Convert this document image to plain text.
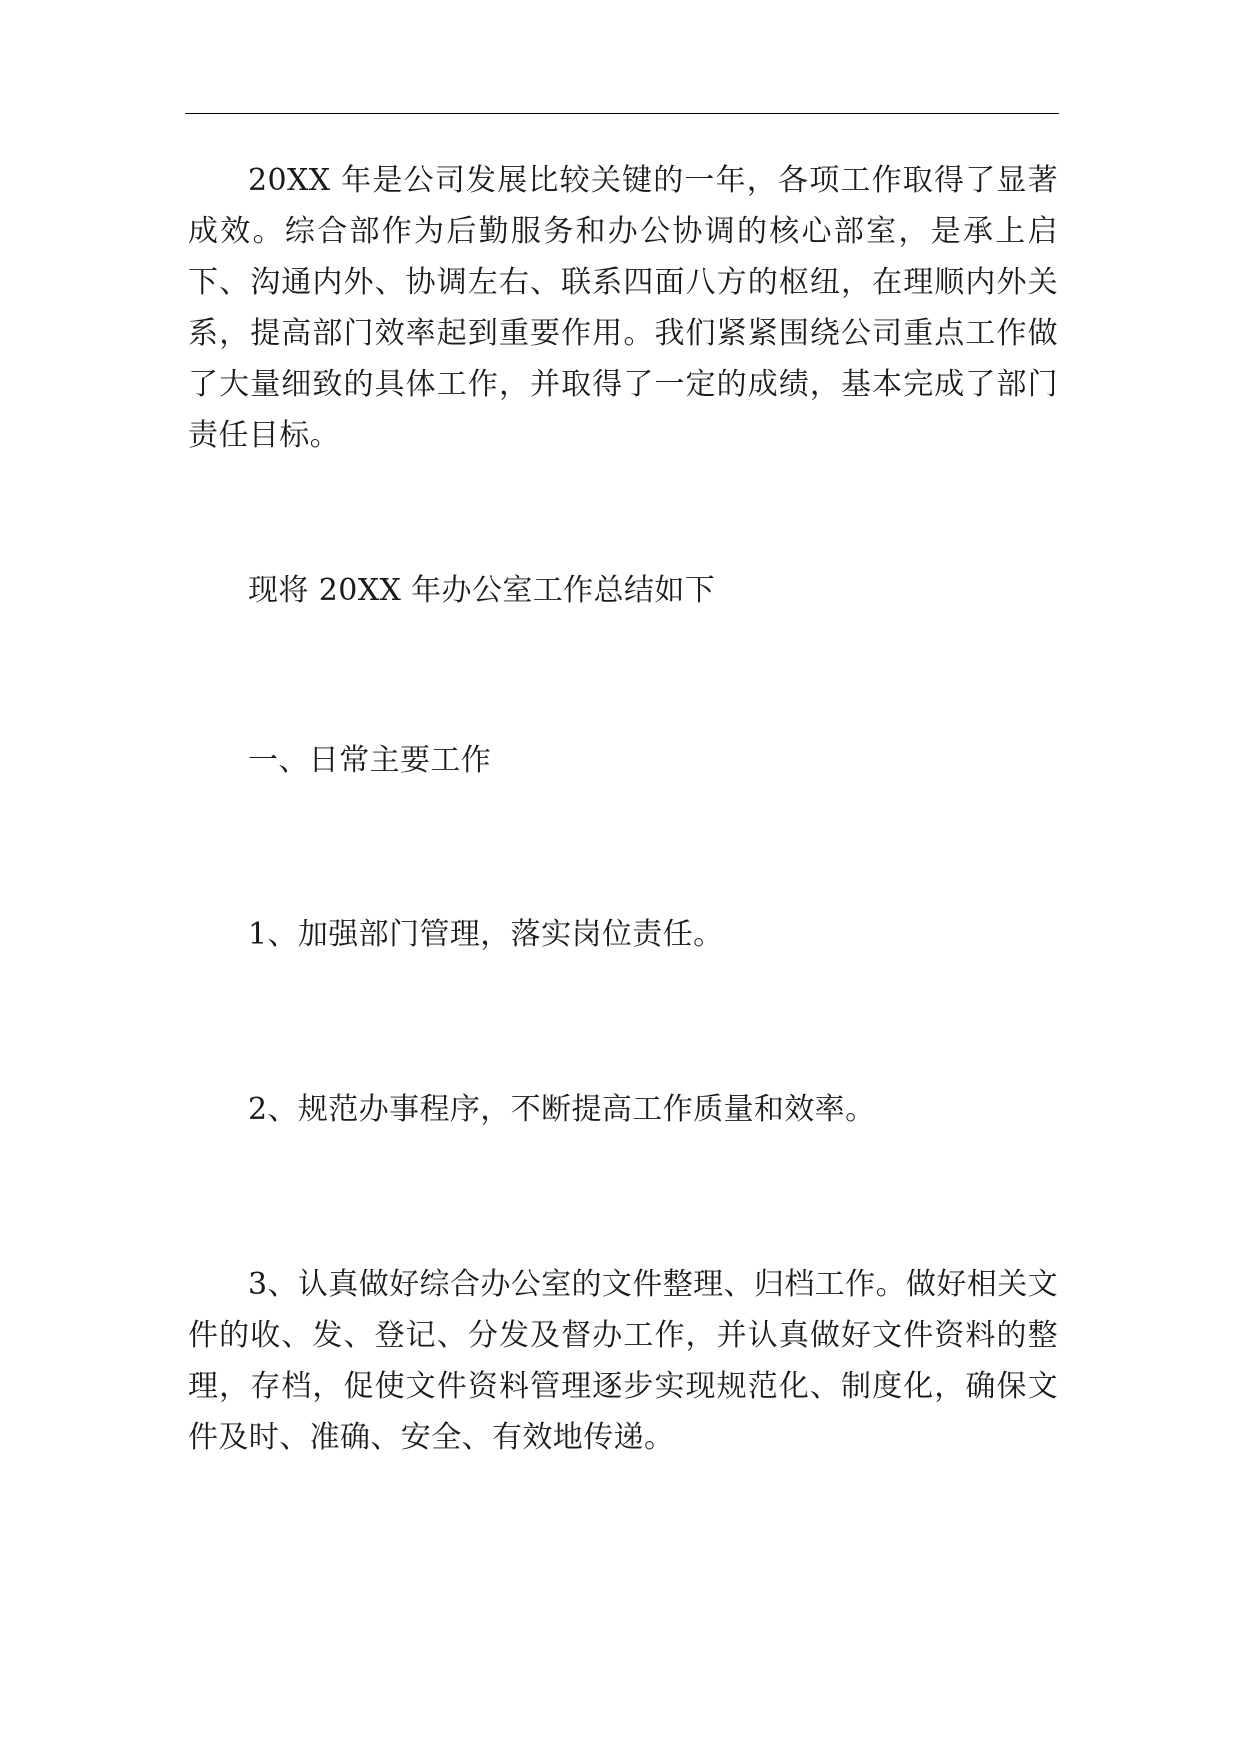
20XX 年是公司发展比较关键的一年，各项工作取得了显著成效。综合部作为后勤服务和办公协调的核心部室，是承上启下、沟通内外、协调左右、联系四面八方的枢纽，在理顺内外关系，提高部门效率起到重要作用。我们紧紧围绕公司重点工作做了大量细致的具体工作，并取得了一定的成绩，基本完成了部门责任目标。

现将 20XX 年办公室工作总结如下

一、日常主要工作

1、加强部门管理，落实岗位责任。

2、规范办事程序，不断提高工作质量和效率。

3、认真做好综合办公室的文件整理、归档工作。做好相关文件的收、发、登记、分发及督办工作，并认真做好文件资料的整理，存档，促使文件资料管理逐步实现规范化、制度化，确保文件及时、准确、安全、有效地传递。
